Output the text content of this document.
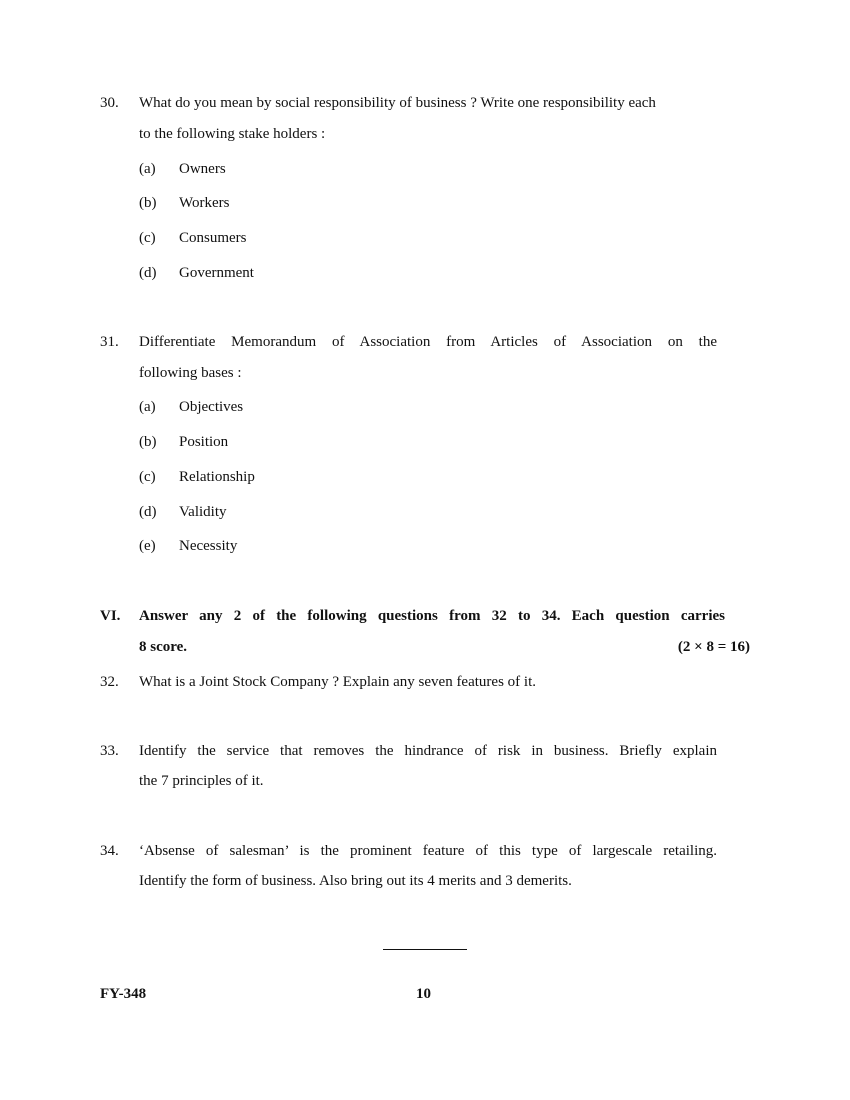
30. What do you mean by social responsibility of business ? Write one responsibility each
to the following stake holders :
(a) Owners
(b) Workers
(c) Consumers
(d) Government
31. Differentiate Memorandum of Association from Articles of Association on the
following bases :
(a) Objectives
(b) Position
(c) Relationship
(d) Validity
(e) Necessity
VI. Answer any 2 of the following questions from 32 to 34. Each question carries
8 score.	(2 × 8 = 16)
32. What is a Joint Stock Company ? Explain any seven features of it.
33. Identify the service that removes the hindrance of risk in business. Briefly explain
the 7 principles of it.
34. ‘Absense of salesman’ is the prominent feature of this type of largescale retailing.
Identify the form of business. Also bring out its 4 merits and 3 demerits.
FY-348	10
